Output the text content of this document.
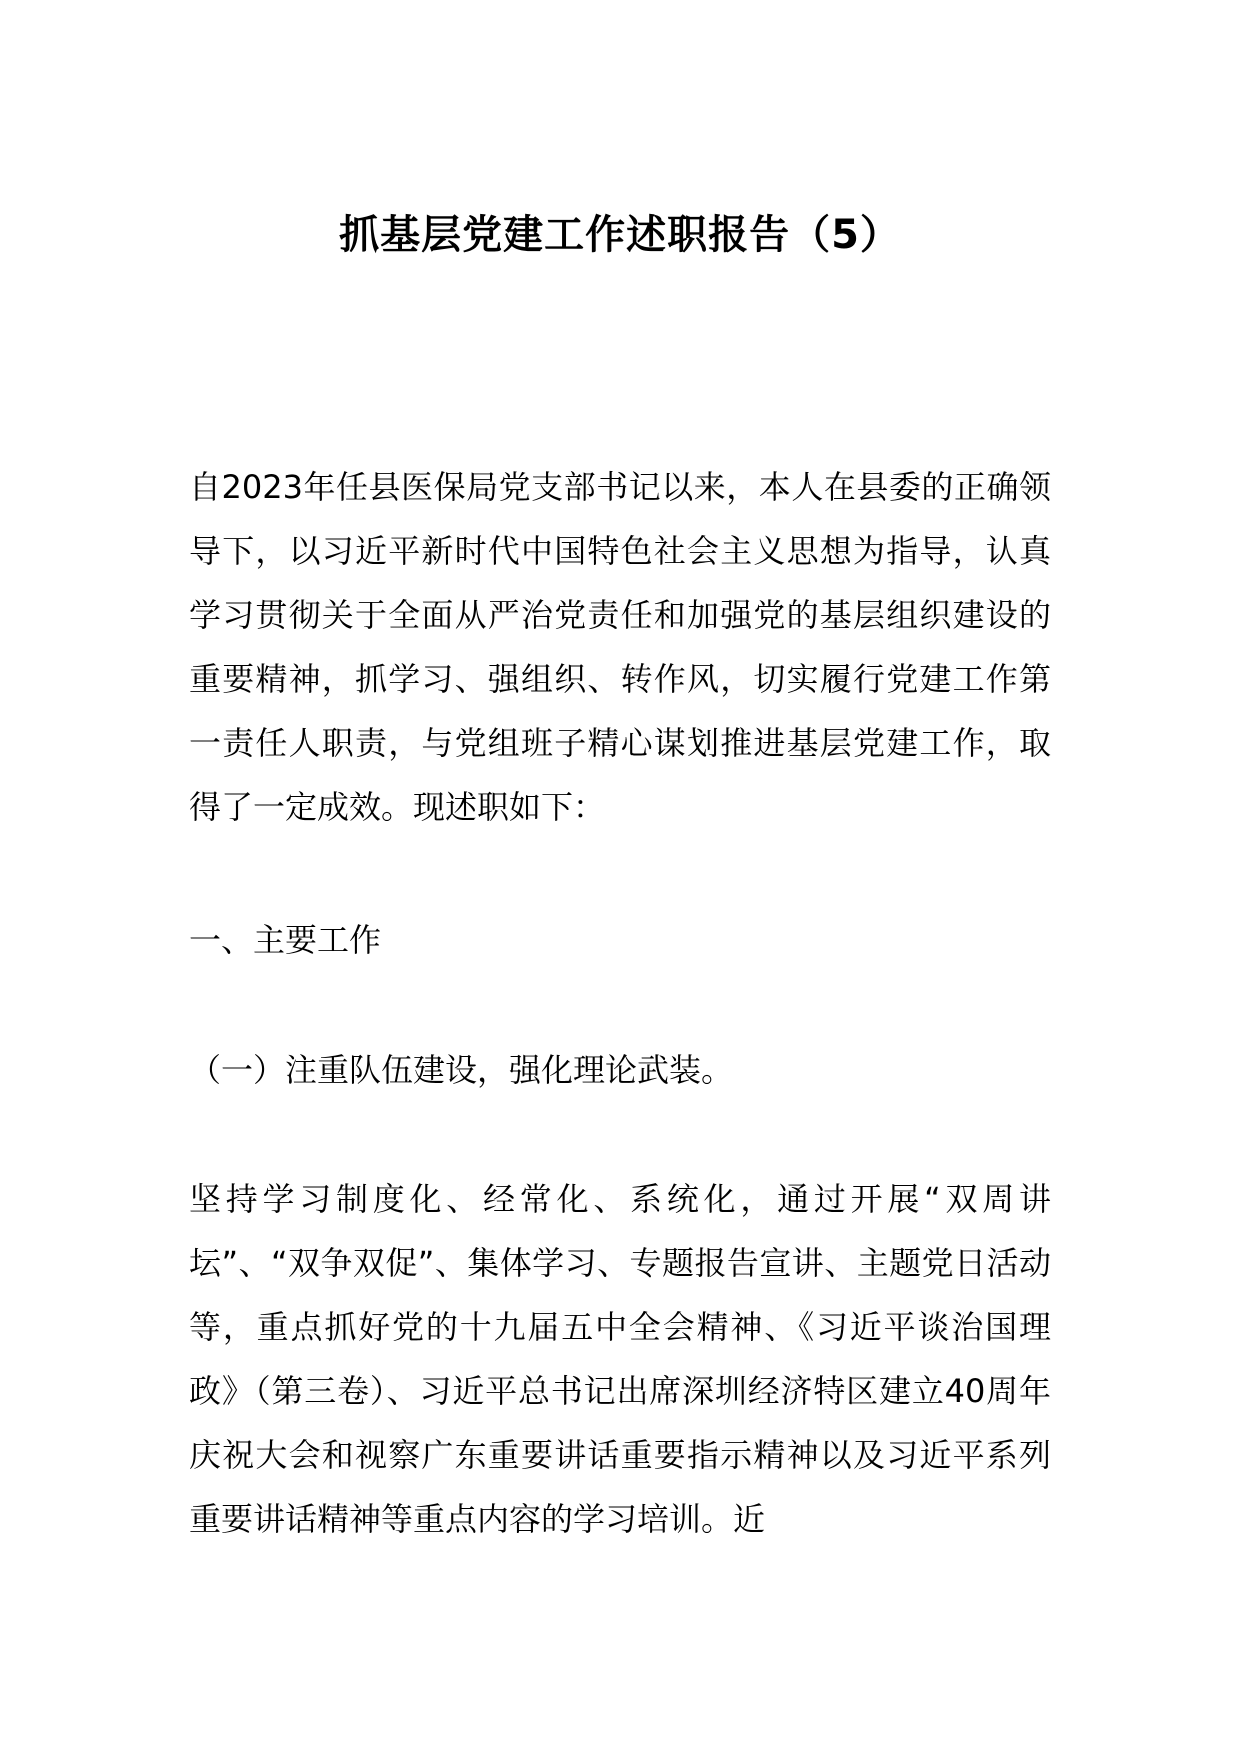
抓基层党建工作述职报告（5）
自2023年任县医保局党支部书记以来，本人在县委的正确领导下，以习近平新时代中国特色社会主义思想为指导，认真学习贯彻关于全面从严治党责任和加强党的基层组织建设的重要精神，抓学习、强组织、转作风，切实履行党建工作第一责任人职责，与党组班子精心谋划推进基层党建工作，取得了一定成效。现述职如下：
一、主要工作
（一）注重队伍建设，强化理论武装。
坚持学习制度化、经常化、系统化，通过开展“双周讲坛”、“双争双促”、集体学习、专题报告宣讲、主题党日活动等，重点抓好党的十九届五中全会精神、《习近平谈治国理政》（第三卷）、习近平总书记出席深圳经济特区建立40周年庆祝大会和视察广东重要讲话重要指示精神以及习近平系列重要讲话精神等重点内容的学习培训。近
